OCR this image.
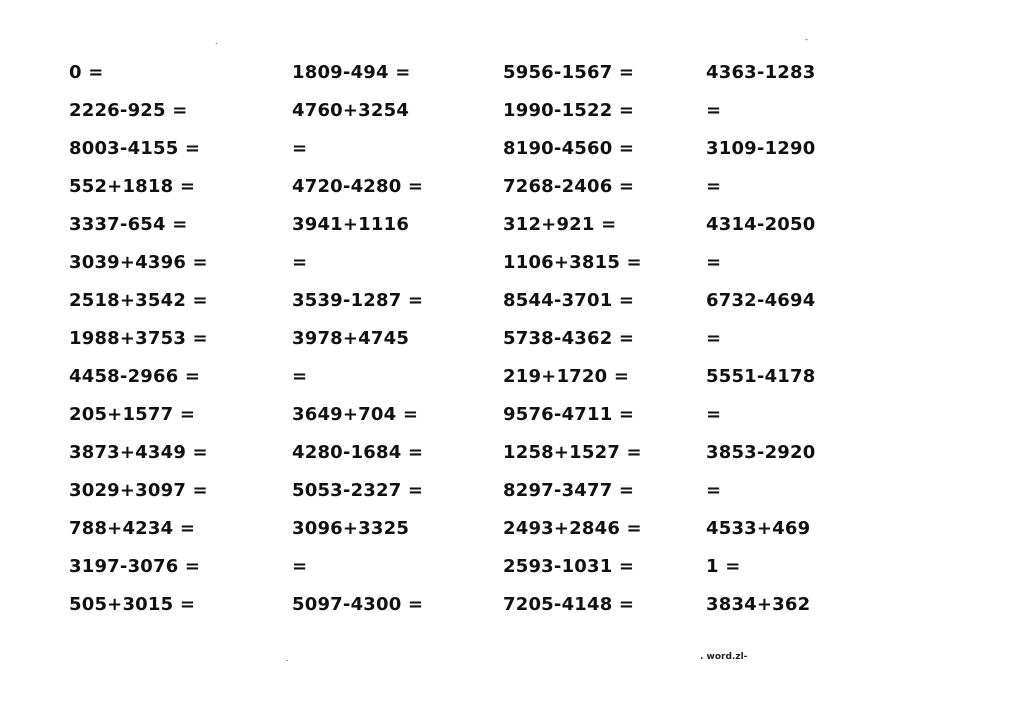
.	-
0 =
2226-925 =
8003-4155 =
552+1818 =
3337-654 =
3039+4396 =
2518+3542 =
1988+3753 =
4458-2966 =
205+1577 =
3873+4349 =
3029+3097 =
788+4234 =
3197-3076 =
505+3015 =
1809-494 =
4760+3254
=
4720-4280 =
3941+1116
=
3539-1287 =
3978+4745
=
3649+704 =
4280-1684 =
5053-2327 =
3096+3325
=
5097-4300 =
5956-1567 =
1990-1522 =
8190-4560 =
7268-2406 =
312+921 =
1106+3815 =
8544-3701 =
5738-4362 =
219+1720 =
9576-4711 =
1258+1527 =
8297-3477 =
2493+2846 =
2593-1031 =
7205-4148 =
4363-1283
=
3109-1290
=
4314-2050
=
6732-4694
=
5551-4178
=
3853-2920
=
4533+469
1 =
3834+362
.	. word.zl-
